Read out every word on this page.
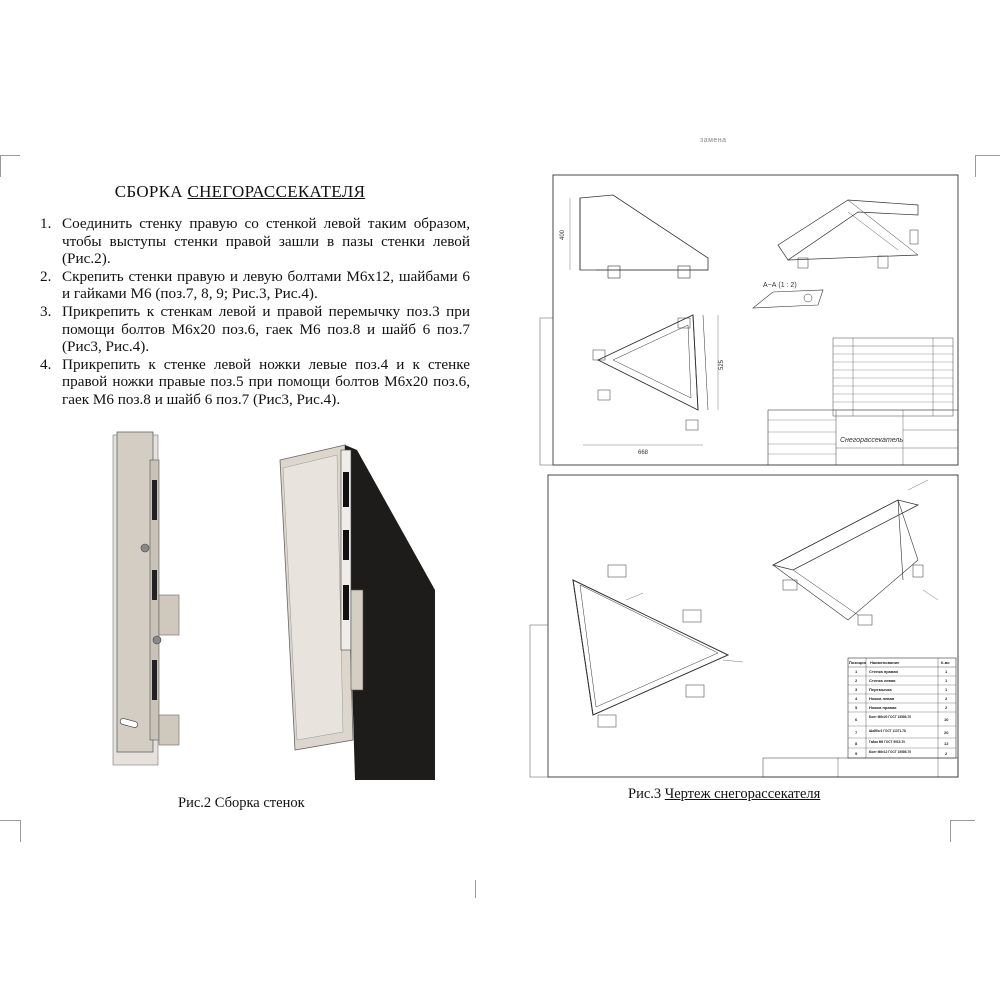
замена
СБОРКА СНЕГОРАССЕКАТЕЛЯ
1. Соединить стенку правую со стенкой левой таким образом, чтобы выступы стенки правой зашли в пазы стенки левой (Рис.2).
2. Скрепить стенки правую и левую болтами М6х12, шайбами 6 и гайками М6 (поз.7, 8, 9; Рис.3, Рис.4).
3. Прикрепить к стенкам левой и правой перемычку поз.3 при помощи болтов М6х20 поз.6, гаек М6 поз.8 и шайб 6 поз.7 (Рис3, Рис.4).
4. Прикрепить к стенке левой ножки левые поз.4 и к стенке правой ножки правые поз.5 при помощи болтов М6х20 поз.6, гаек М6 поз.8 и шайб 6 поз.7 (Рис3, Рис.4).
400
А−А (1 : 2)
525
668
Снегорассекатель
Позиция Наименование	К-во
1	Стенка правая	1
2	Стенка левая	1
3	Перемычка	1
4	Ножка левая	2
5	Ножка правая	2
6	Болт М6х20 ГОСТ 15589-70	10
7	Шайба 6 ГОСТ 11371-78	20
8	Гайка М6 ГОСТ 5915-70	12
9	Болт М6х12 ГОСТ 15589-70	2
Рис.2 Сборка стенок
Рис.3 Чертеж снегорассекателя
